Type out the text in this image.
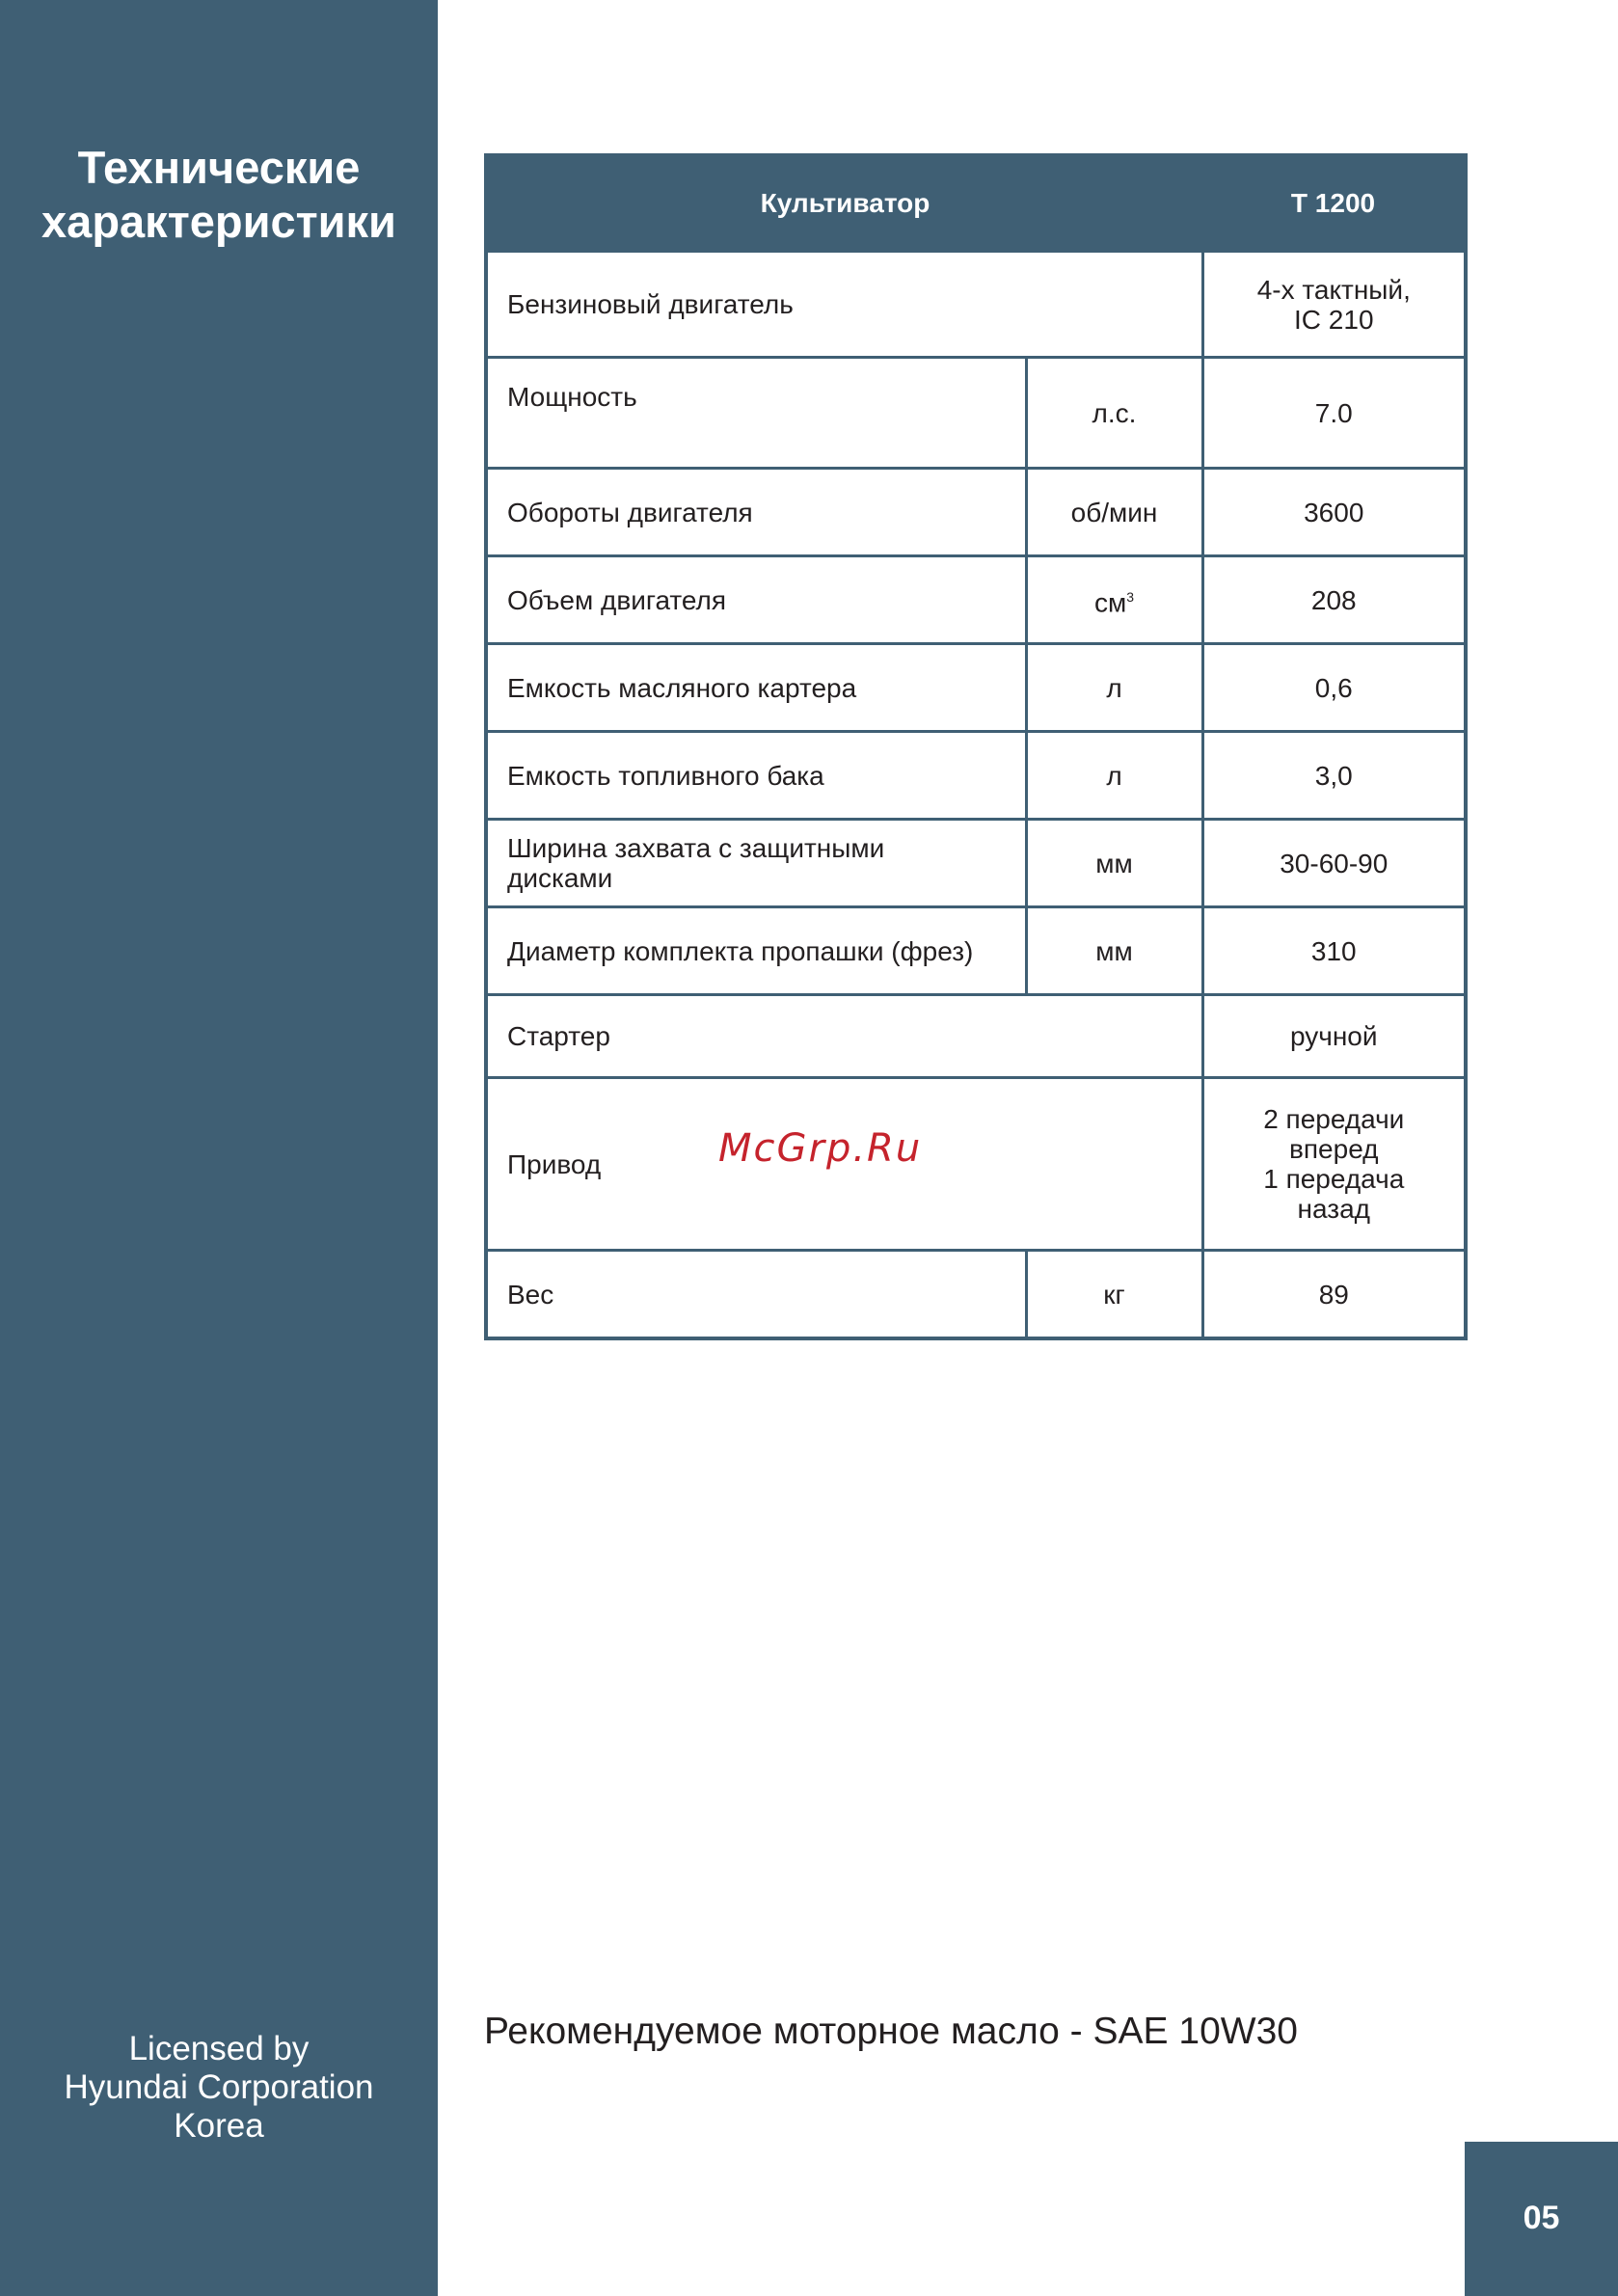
Технические
характеристики
Licensed by
Hyundai Corporation
Korea
Культиватор		Т 1200
Бензиновый двигатель		4-х тактный,
IC 210

Мощность	л.с.	7.0
Обороты двигателя	об/мин	3600
Объем двигателя	$см^3$	208
Емкость масляного картера	л	0,6
Емкость топливного бака	л	3,0

Ширина захвата с защитными
дисками	мм	30-60-90
Диаметр комплекта пропашки (фрез)	мм	310
Стартер		ручной
Привод		2 передачи
вперед
1 передача
назад

Вес	кг	89
McGrp.Ru
Рекомендуемое моторное масло - SAE 10W30
05
